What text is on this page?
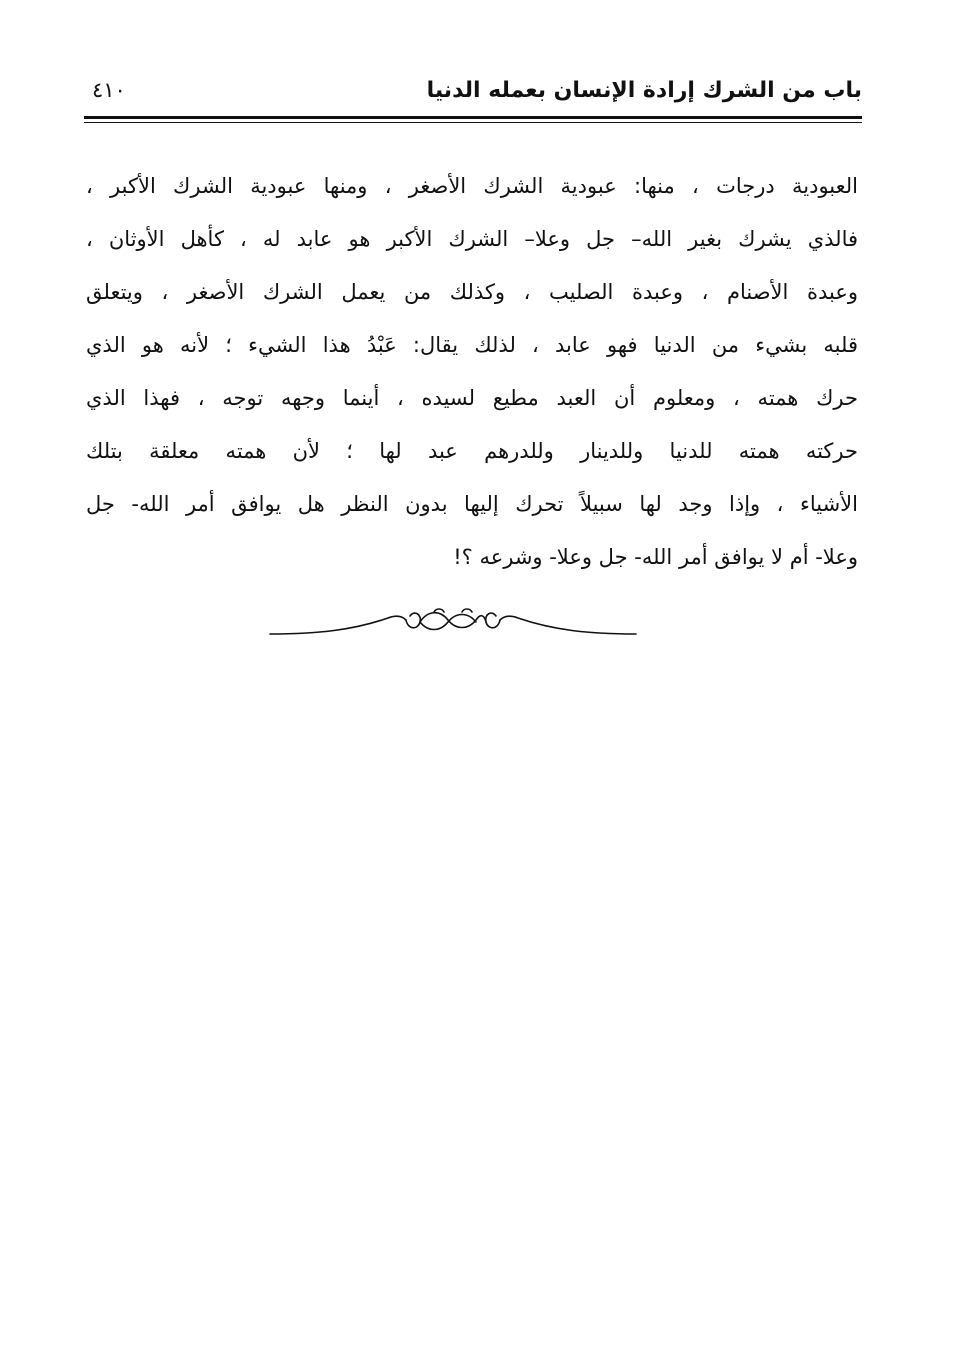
باب من الشرك إرادة الإنسان بعمله الدنيا
٤١٠
العبودية درجات ، منها: عبودية الشرك الأصغر ، ومنها عبودية الشرك الأكبر ،
فالذي يشرك بغير الله– جل وعلا– الشرك الأكبر هو عابد له ، كأهل الأوثان ،
وعبدة الأصنام ، وعبدة الصليب ، وكذلك من يعمل الشرك الأصغر ، ويتعلق
قلبه بشيء من الدنيا فهو عابد ، لذلك يقال: عَبْدُ هذا الشيء ؛ لأنه هو الذي
حرك همته ، ومعلوم أن العبد مطيع لسيده ، أينما وجهه توجه ، فهذا الذي
حركته همته للدنيا وللدينار وللدرهم عبد لها ؛ لأن همته معلقة بتلك
الأشياء ، وإذا وجد لها سبيلاً تحرك إليها بدون النظر هل يوافق أمر الله- جل
وعلا- أم لا يوافق أمر الله- جل وعلا- وشرعه ؟!
